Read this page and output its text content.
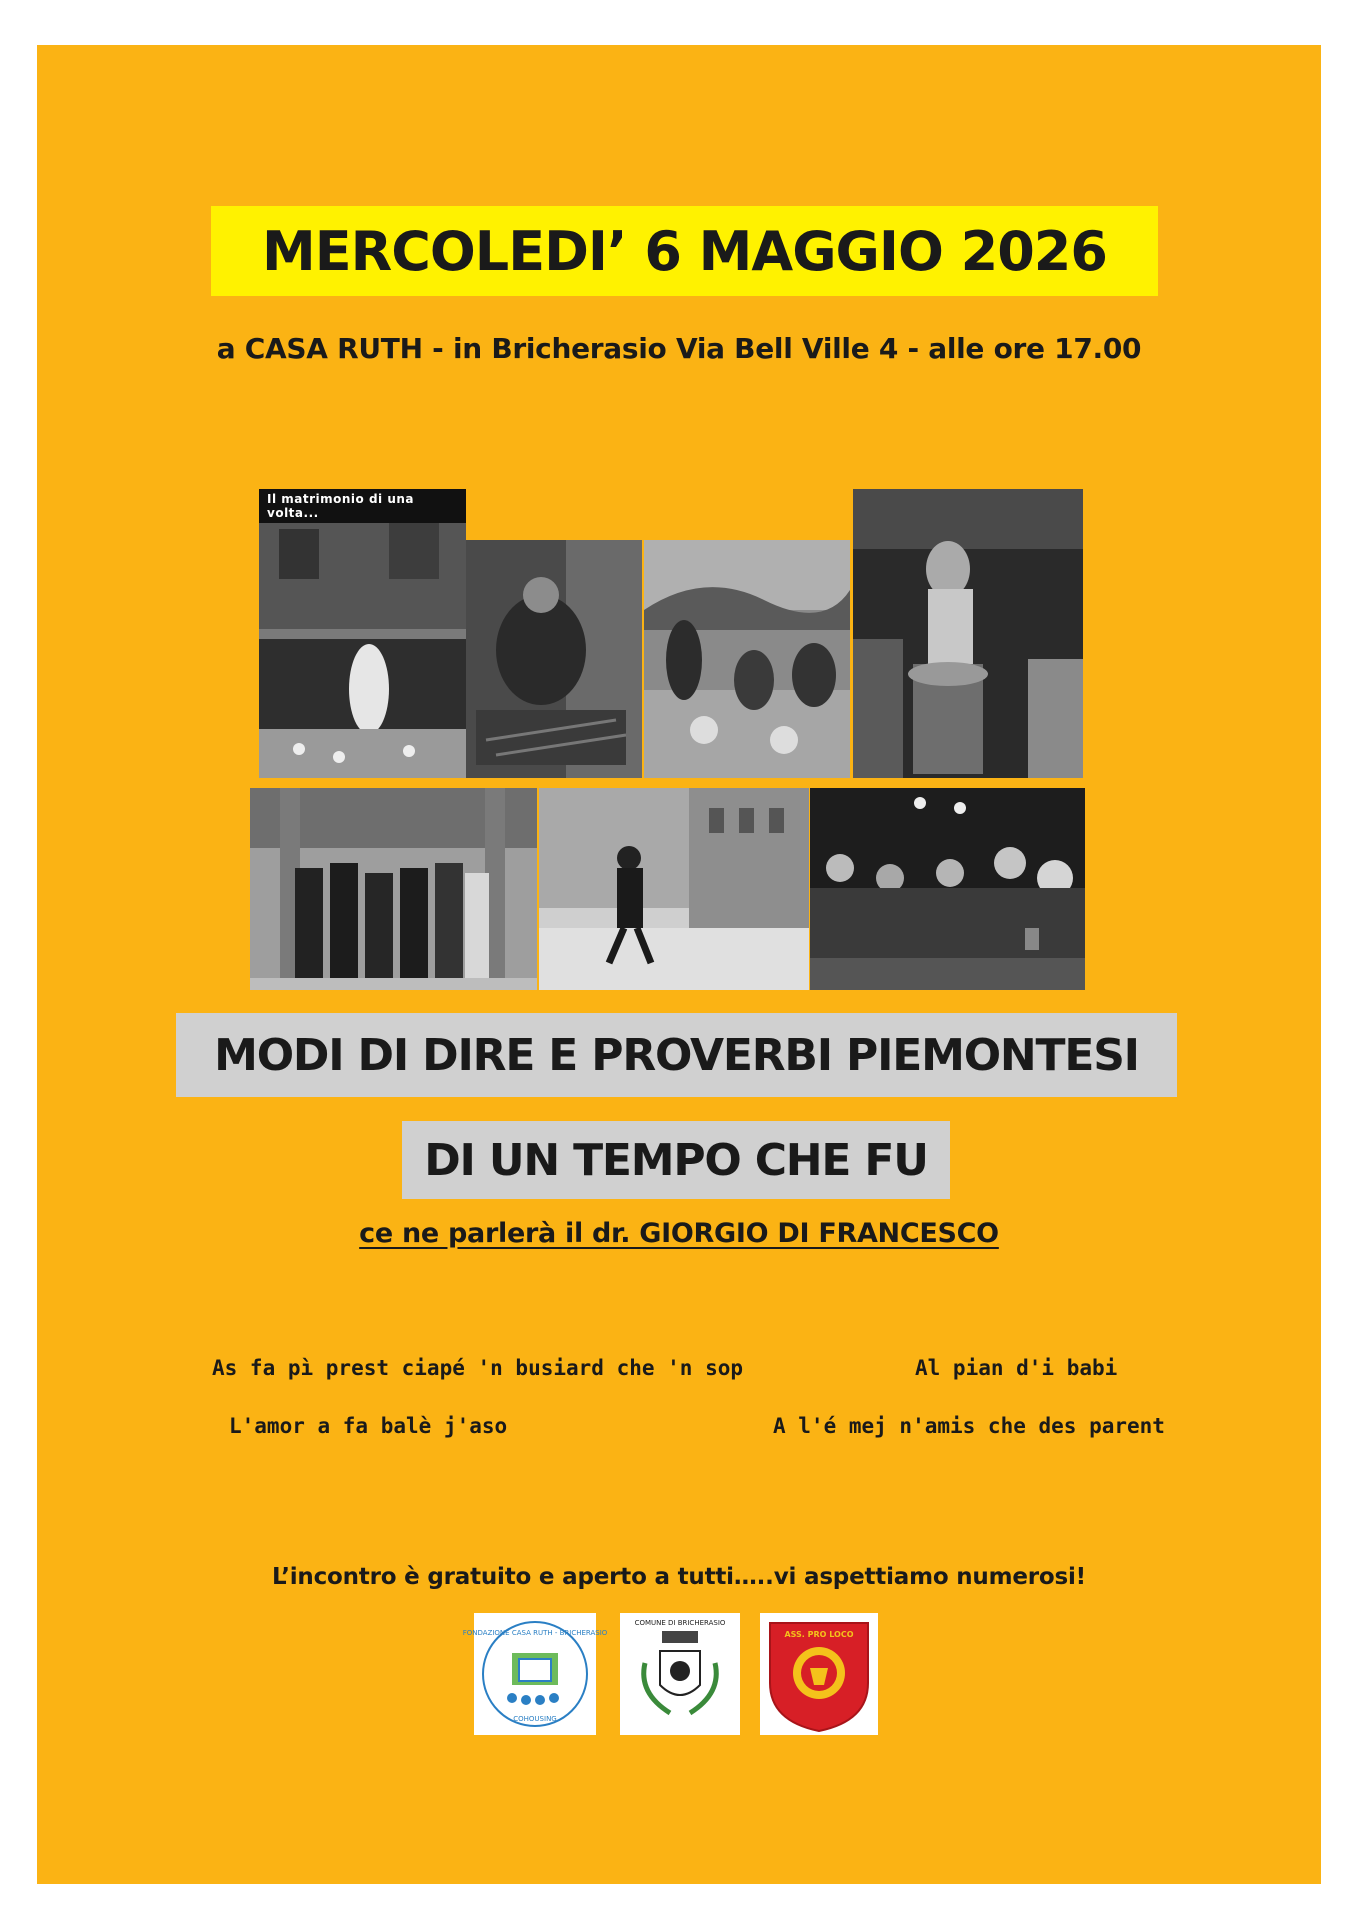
MERCOLEDI’ 6 MAGGIO 2026
a CASA RUTH - in Bricherasio Via Bell Ville 4 - alle ore 17.00
Il matrimonio di una volta...
MODI DI DIRE E PROVERBI PIEMONTESI
DI UN TEMPO CHE FU
ce ne parlerà il dr. GIORGIO DI FRANCESCO
As fa pì prest ciapé 'n busiard che 'n sop	Al pian d'i babi
L'amor a fa balè j'aso	A l'é mej n'amis che des parent
L’incontro è gratuito e aperto a tutti…..vi aspettiamo numerosi!
FONDAZIONE CASA RUTH - BRICHERASIO
COHOUSING
COMUNE DI BRICHERASIO
ASS. PRO LOCO
